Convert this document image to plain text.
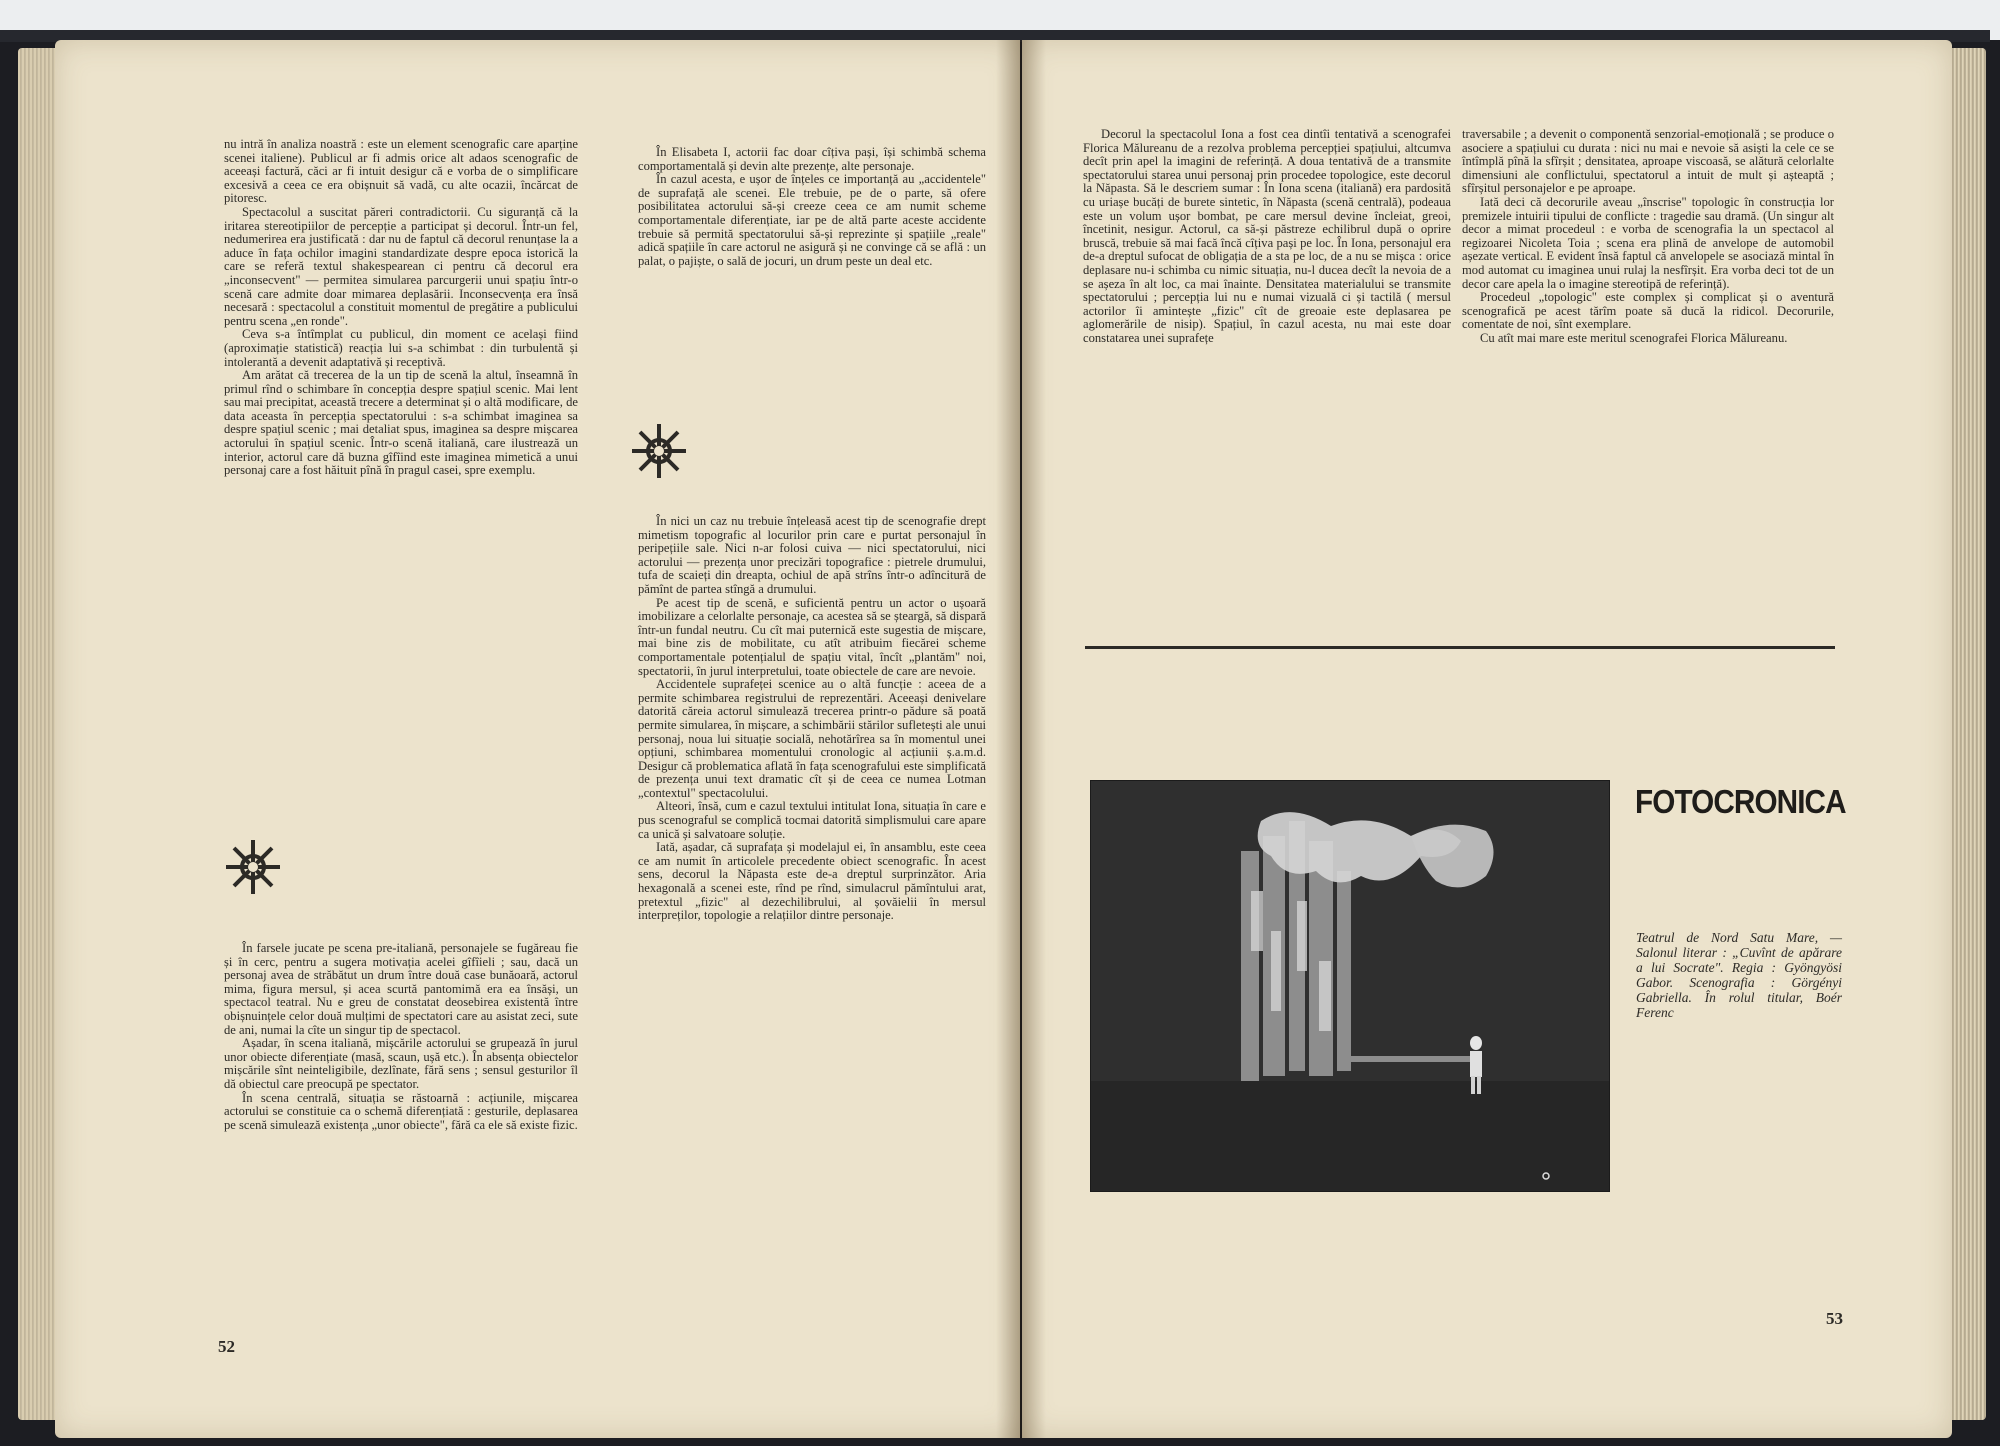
nu intră în analiza noastră : este un element scenografic care aparține scenei italiene). Publicul ar fi admis orice alt adaos scenografic de aceeași factură, căci ar fi intuit desigur că e vorba de o simplificare excesivă a ceea ce era obișnuit să vadă, cu alte ocazii, încărcat de pitoresc.

Spectacolul a suscitat păreri contradictorii. Cu siguranță că la iritarea stereotipiilor de percepție a participat și decorul. Într-un fel, nedumerirea era justificată : dar nu de faptul că decorul renunțase la a aduce în fața ochilor imagini standardizate despre epoca istorică la care se referă textul shakespearean ci pentru că decorul era „inconsecvent" — permitea simularea parcurgerii unui spațiu într-o scenă care admite doar mimarea deplasării. Inconsecvența era însă necesară : spectacolul a constituit momentul de pregătire a publicului pentru scena „en ronde".

Ceva s-a întîmplat cu publicul, din moment ce același fiind (aproximație statistică) reacția lui s-a schimbat : din turbulentă și intolerantă a devenit adaptativă și receptivă.

Am arătat că trecerea de la un tip de scenă la altul, înseamnă în primul rînd o schimbare în concepția despre spațiul scenic. Mai lent sau mai precipitat, această trecere a determinat și o altă modificare, de data aceasta în percepția spectatorului : s-a schimbat imaginea sa despre spațiul scenic ; mai detaliat spus, imaginea sa despre mișcarea actorului în spațiul scenic. Într-o scenă italiană, care ilustrează un interior, actorul care dă buzna gîfîind este imaginea mimetică a unui personaj care a fost hăituit pînă în pragul casei, spre exemplu.

În farsele jucate pe scena pre-italiană, personajele se fugăreau fie și în cerc, pentru a sugera motivația acelei gîfîieli ; sau, dacă un personaj avea de străbătut un drum între două case bunăoară, actorul mima, figura mersul, și acea scurtă pantomimă era ea însăși, un spectacol teatral. Nu e greu de constatat deosebirea existentă între obișnuințele celor două mulțimi de spectatori care au asistat zeci, sute de ani, numai la cîte un singur tip de spectacol.

Așadar, în scena italiană, mișcările actorului se grupează în jurul unor obiecte diferențiate (masă, scaun, ușă etc.). În absența obiectelor mișcările sînt neinteligibile, dezlînate, fără sens ; sensul gesturilor îl dă obiectul care preocupă pe spectator.

În scena centrală, situația se răstoarnă : acțiunile, mișcarea actorului se constituie ca o schemă diferențiată : gesturile, deplasarea pe scenă simulează existența „unor obiecte", fără ca ele să existe fizic.

În Elisabeta I, actorii fac doar cîțiva pași, își schimbă schema comportamentală și devin alte prezențe, alte personaje.

În cazul acesta, e ușor de înțeles ce importanță au „accidentele" de suprafață ale scenei. Ele trebuie, pe de o parte, să ofere posibilitatea actorului să-și creeze ceea ce am numit scheme comportamentale diferențiate, iar pe de altă parte aceste accidente trebuie să permită spectatorului să-și reprezinte și spațiile „reale" adică spațiile în care actorul ne asigură și ne convinge că se află : un palat, o pajiște, o sală de jocuri, un drum peste un deal etc.

În nici un caz nu trebuie înțeleasă acest tip de scenografie drept mimetism topografic al locurilor prin care e purtat personajul în peripețiile sale. Nici n-ar folosi cuiva — nici spectatorului, nici actorului — prezența unor precizări topografice : pietrele drumului, tufa de scaieți din dreapta, ochiul de apă strîns într-o adîncitură de pămînt de partea stîngă a drumului.

Pe acest tip de scenă, e suficientă pentru un actor o ușoară imobilizare a celorlalte personaje, ca acestea să se șteargă, să dispară într-un fundal neutru. Cu cît mai puternică este sugestia de mișcare, mai bine zis de mobilitate, cu atît atribuim fiecărei scheme comportamentale potențialul de spațiu vital, încît „plantăm" noi, spectatorii, în jurul interpretului, toate obiectele de care are nevoie.

Accidentele suprafeței scenice au o altă funcție : aceea de a permite schimbarea registrului de reprezentări. Aceeași denivelare datorită căreia actorul simulează trecerea printr-o pădure să poată permite simularea, în mișcare, a schimbării stărilor sufletești ale unui personaj, noua lui situație socială, nehotărîrea sa în momentul unei opțiuni, schimbarea momentului cronologic al acțiunii ș.a.m.d. Desigur că problematica aflată în fața scenografului este simplificată de prezența unui text dramatic cît și de ceea ce numea Lotman „contextul" spectacolului.

Alteori, însă, cum e cazul textului intitulat Iona, situația în care e pus scenograful se complică tocmai datorită simplismului care apare ca unică și salvatoare soluție.

Iată, așadar, că suprafața și modelajul ei, în ansamblu, este ceea ce am numit în articolele precedente obiect scenografic. În acest sens, decorul la Năpasta este de-a dreptul surprinzător. Aria hexagonală a scenei este, rînd pe rînd, simulacrul pămîntului arat, pretextul „fizic" al dezechilibrului, al șovăielii în mersul interpreților, topologie a relațiilor dintre personaje.

52

Decorul la spectacolul Iona a fost cea dintîi tentativă a scenografei Florica Mălureanu de a rezolva problema percepției spațiului, altcumva decît prin apel la imagini de referință. A doua tentativă de a transmite spectatorului starea unui personaj prin procedee topologice, este decorul la Năpasta. Să le descriem sumar : În Iona scena (italiană) era pardosită cu uriașe bucăți de burete sintetic, în Năpasta (scenă centrală), podeaua este un volum ușor bombat, pe care mersul devine încleiat, greoi, încetinit, nesigur. Actorul, ca să-și păstreze echilibrul după o oprire bruscă, trebuie să mai facă încă cîțiva pași pe loc. În Iona, personajul era de-a dreptul sufocat de obligația de a sta pe loc, de a nu se mișca : orice deplasare nu-i schimba cu nimic situația, nu-l ducea decît la nevoia de a se așeza în alt loc, ca mai înainte. Densitatea materialului se transmite spectatorului ; percepția lui nu e numai vizuală ci și tactilă ( mersul actorilor îi amintește „fizic" cît de greoaie este deplasarea pe aglomerările de nisip). Spațiul, în cazul acesta, nu mai este doar constatarea unei suprafețe

traversabile ; a devenit o componentă senzorial-emoțională ; se produce o asociere a spațiului cu durata : nici nu mai e nevoie să asiști la cele ce se întîmplă pînă la sfîrșit ; densitatea, aproape viscoasă, se alătură celorlalte dimensiuni ale conflictului, spectatorul a intuit de mult și așteaptă ; sfîrșitul personajelor e pe aproape.

Iată deci că decorurile aveau „înscrise" topologic în construcția lor premizele intuirii tipului de conflicte : tragedie sau dramă. (Un singur alt decor a mimat procedeul : e vorba de scenografia la un spectacol al regizoarei Nicoleta Toia ; scena era plină de anvelope de automobil așezate vertical. E evident însă faptul că anvelopele se asociază mintal în mod automat cu imaginea unui rulaj la nesfîrșit. Era vorba deci tot de un decor care apela la o imagine stereotipă de referință).

Procedeul „topologic" este complex și complicat și o aventură scenografică pe acest tărîm poate să ducă la ridicol. Decorurile, comentate de noi, sînt exemplare.

Cu atît mai mare este meritul scenografei Florica Mălureanu.

FOTOCRONICA
Teatrul de Nord Satu Mare, — Salonul literar : „Cuvînt de apărare a lui Socrate". Regia : Gyöngyösi Gabor. Scenografia : Görgényi Gabriella. În rolul titular, Boér Ferenc
53
